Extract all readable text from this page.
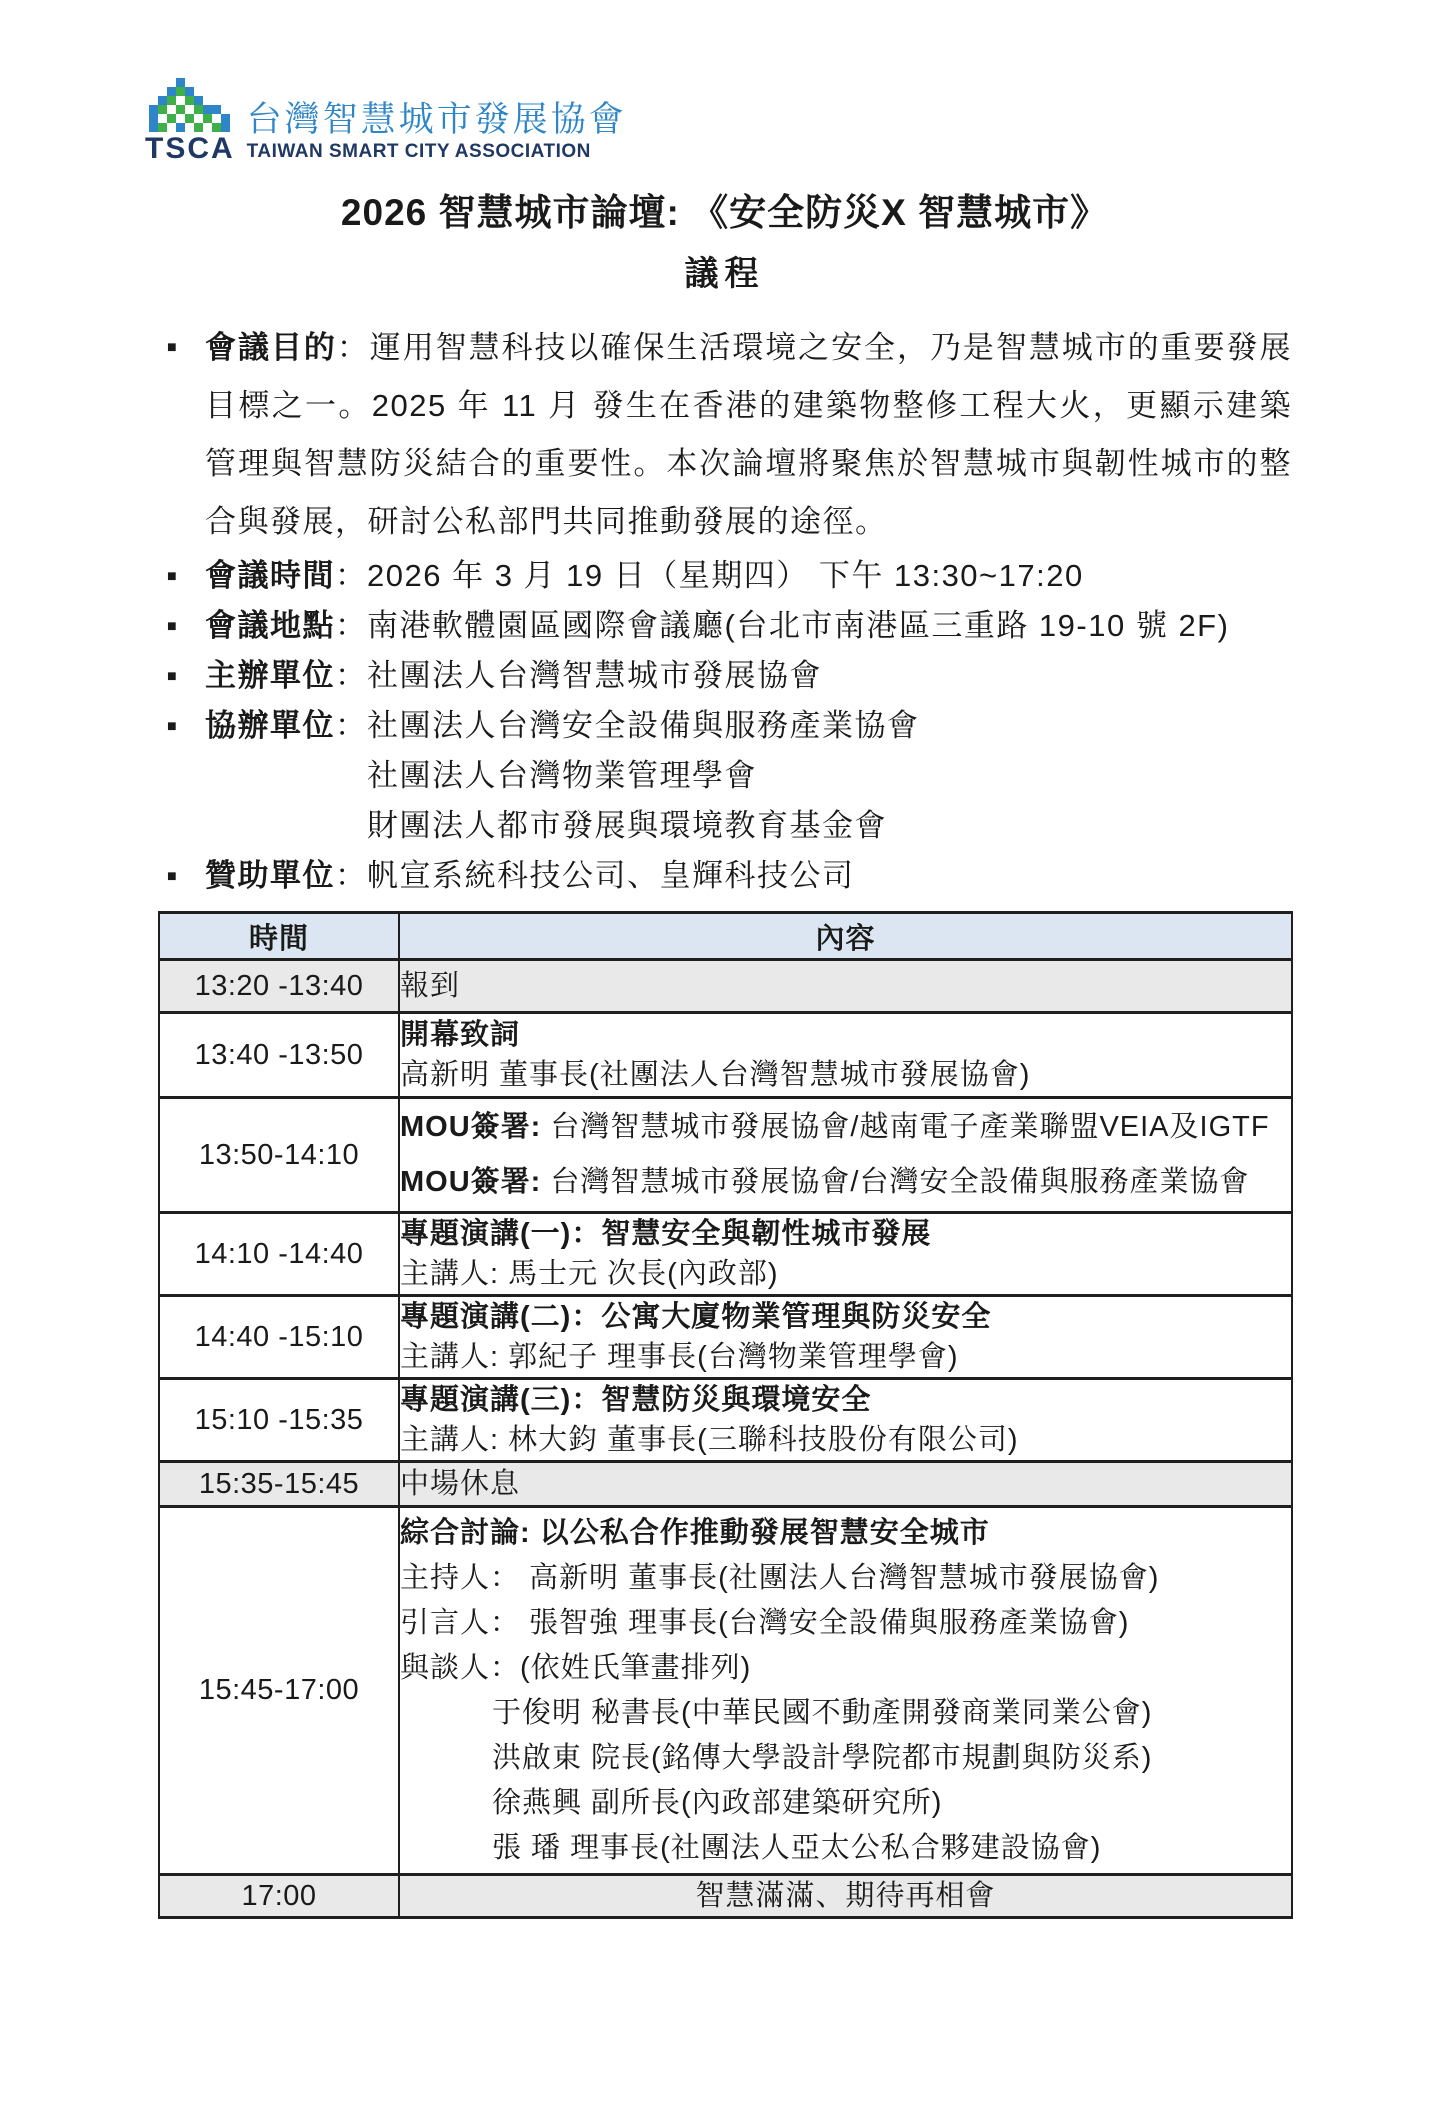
TSCA
台灣智慧城市發展協會
TAIWAN SMART CITY ASSOCIATION
2026 智慧城市論壇: 《安全防災X 智慧城市》
議程
■ 會議目的：運用智慧科技以確保生活環境之安全，乃是智慧城市的重要發展目標之一。2025 年 11 月 發生在香港的建築物整修工程大火，更顯示建築管理與智慧防災結合的重要性。本次論壇將聚焦於智慧城市與韌性城市的整合與發展，研討公私部門共同推動發展的途徑。
■ 會議時間： 2026 年 3 月 19 日（星期四） 下午 13:30~17:20
■ 會議地點： 南港軟體園區國際會議廳(台北市南港區三重路 19-10 號 2F)
■ 主辦單位： 社團法人台灣智慧城市發展協會
■ 協辦單位： 社團法人台灣安全設備與服務產業協會
社團法人台灣物業管理學會
財團法人都市發展與環境教育基金會
■ 贊助單位： 帆宣系統科技公司、皇輝科技公司
時間	內容
13:20 -13:40	報到

13:40 -13:50	開幕致詞
高新明 董事長(社團法人台灣智慧城市發展協會)

13:50-14:10	MOU簽署: 台灣智慧城市發展協會/越南電子產業聯盟VEIA及IGTF
MOU簽署: 台灣智慧城市發展協會/台灣安全設備與服務產業協會

14:10 -14:40	專題演講(一)：智慧安全與韌性城市發展
主講人: 馬士元 次長(內政部)

14:40 -15:10	專題演講(二)：公寓大廈物業管理與防災安全
主講人: 郭紀子 理事長(台灣物業管理學會)

15:10 -15:35	專題演講(三)：智慧防災與環境安全
主講人: 林大鈞 董事長(三聯科技股份有限公司)

15:35-15:45	中場休息

15:45-17:00	
綜合討論: 以公私合作推動發展智慧安全城市
主持人： 高新明 董事長(社團法人台灣智慧城市發展協會)
引言人： 張智強 理事長(台灣安全設備與服務產業協會)
與談人：(依姓氏筆畫排列)
于俊明 秘書長(中華民國不動產開發商業同業公會)
洪啟東 院長(銘傳大學設計學院都市規劃與防災系)
徐燕興 副所長(內政部建築研究所)
張 璠 理事長(社團法人亞太公私合夥建設協會)

17:00	智慧滿滿、期待再相會
